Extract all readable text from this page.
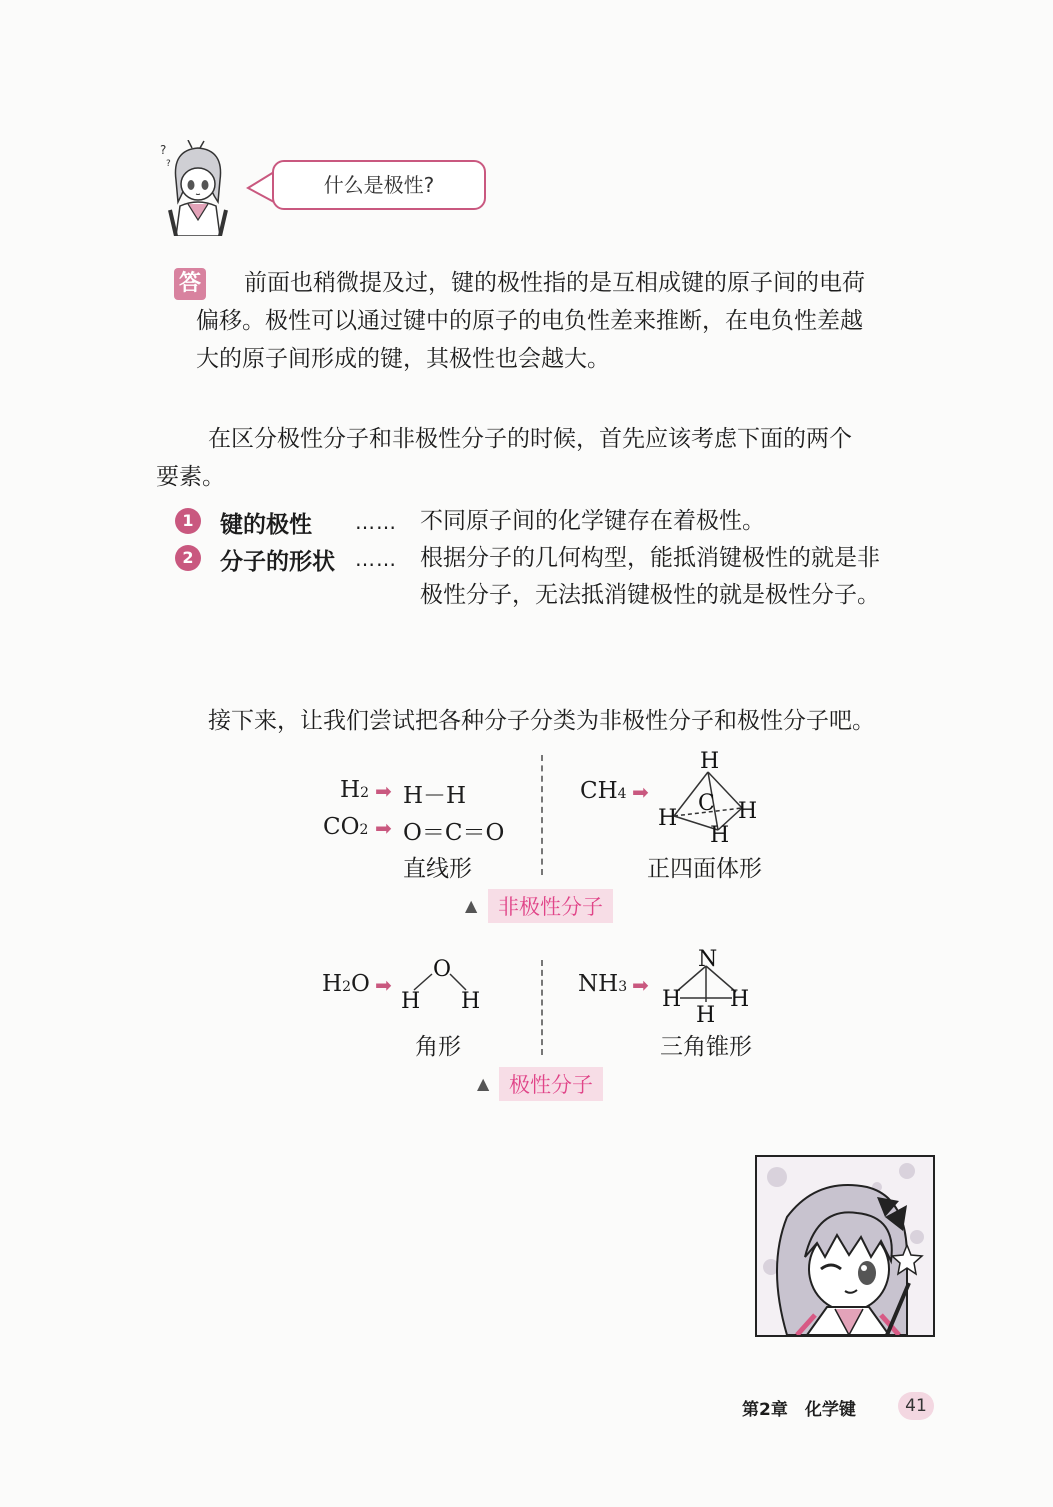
?
?
什么是极性?
答 前面也稍微提及过，键的极性指的是互相成键的原子间的电荷
偏移。极性可以通过键中的原子的电负性差来推断，在电负性差越
大的原子间形成的键，其极性也会越大。
在区分极性分子和非极性分子的时候，首先应该考虑下面的两个
要素。
1	键的极性 …… 不同原子间的化学键存在着极性。
2	分子的形状 …… 根据分子的几何构型，能抵消键极性的就是非
极性分子，无法抵消键极性的就是极性分子。
接下来，让我们尝试把各种分子分类为非极性分子和极性分子吧。
H2 ➡ H－H
CO2 ➡ O＝C＝O
直线形
CH4 ➡
H
C
H	H
H
正四面体形
▲ 非极性分子
H2O ➡
O
H H
角形
NH3 ➡
N
H
H
H
三角锥形
▲ 极性分子
第2章　化学键	41
